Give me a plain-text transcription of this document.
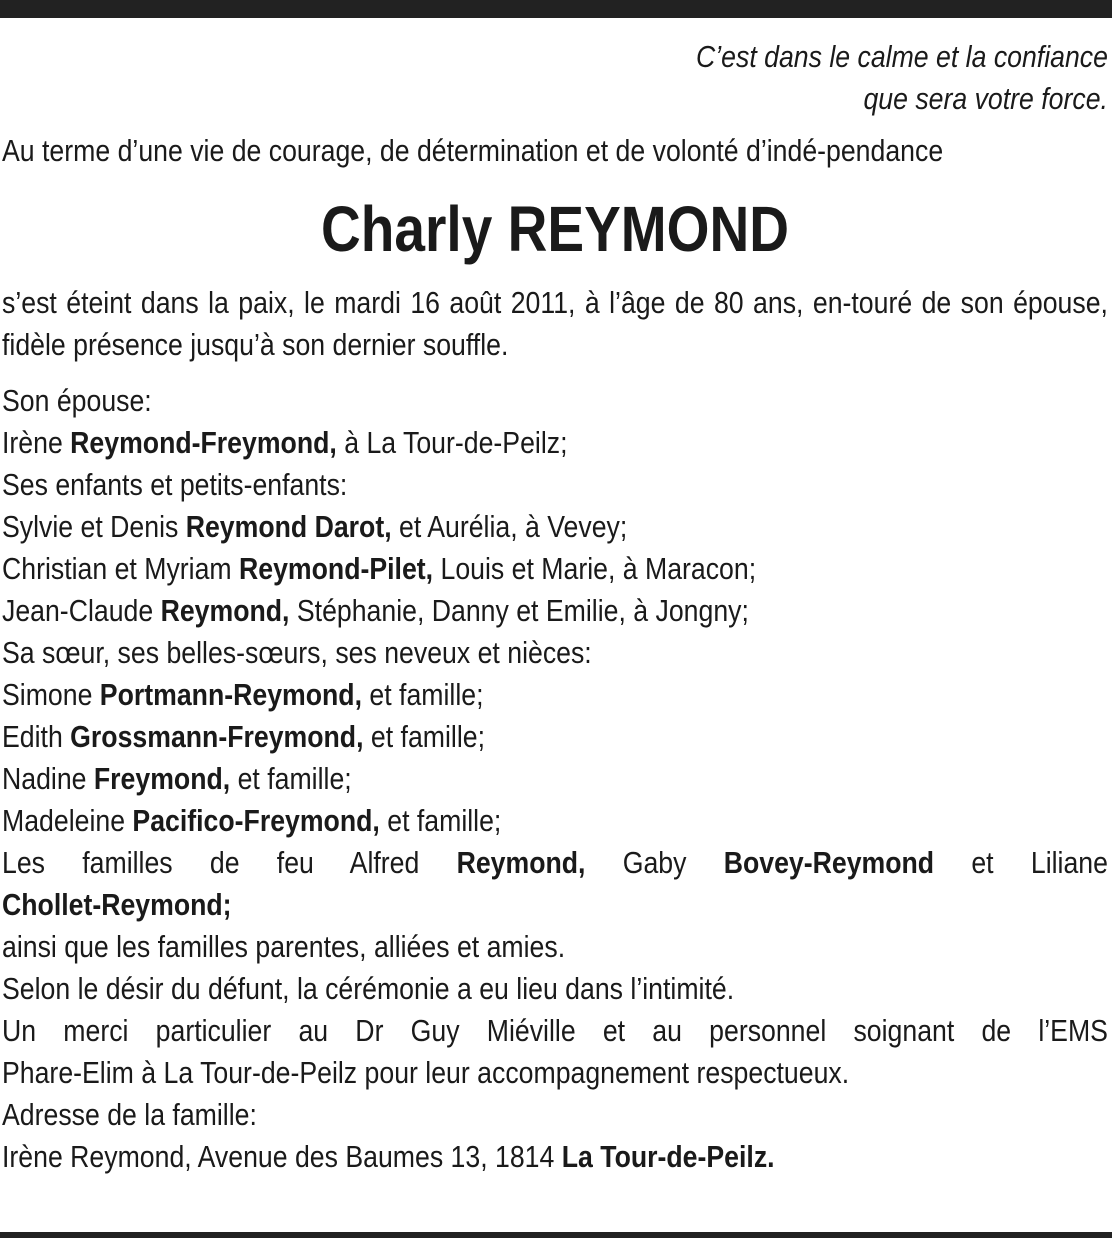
C’est dans le calme et la confiance
que sera votre force.

Au terme d’une vie de courage, de détermination et de volonté d’indé-pendance

Charly REYMOND

s’est éteint dans la paix, le mardi 16 août 2011, à l’âge de 80 ans, en-touré de son épouse, fidèle présence jusqu’à son dernier souffle.

Son épouse:
Irène Reymond-Freymond, à La Tour-de-Peilz;
Ses enfants et petits-enfants:
Sylvie et Denis Reymond Darot, et Aurélia, à Vevey;
Christian et Myriam Reymond-Pilet, Louis et Marie, à Maracon;
Jean-Claude Reymond, Stéphanie, Danny et Emilie, à Jongny;
Sa sœur, ses belles-sœurs, ses neveux et nièces:
Simone Portmann-Reymond, et famille;
Edith Grossmann-Freymond, et famille;
Nadine Freymond, et famille;
Madeleine Pacifico-Freymond, et famille;
Les familles de feu Alfred Reymond, Gaby Bovey-Reymond et Liliane
Chollet-Reymond;
ainsi que les familles parentes, alliées et amies.
Selon le désir du défunt, la cérémonie a eu lieu dans l’intimité.
Un merci particulier au Dr Guy Miéville et au personnel soignant de l’EMS
Phare-Elim à La Tour-de-Peilz pour leur accompagnement respectueux.
Adresse de la famille:
Irène Reymond, Avenue des Baumes 13, 1814 La Tour-de-Peilz.
